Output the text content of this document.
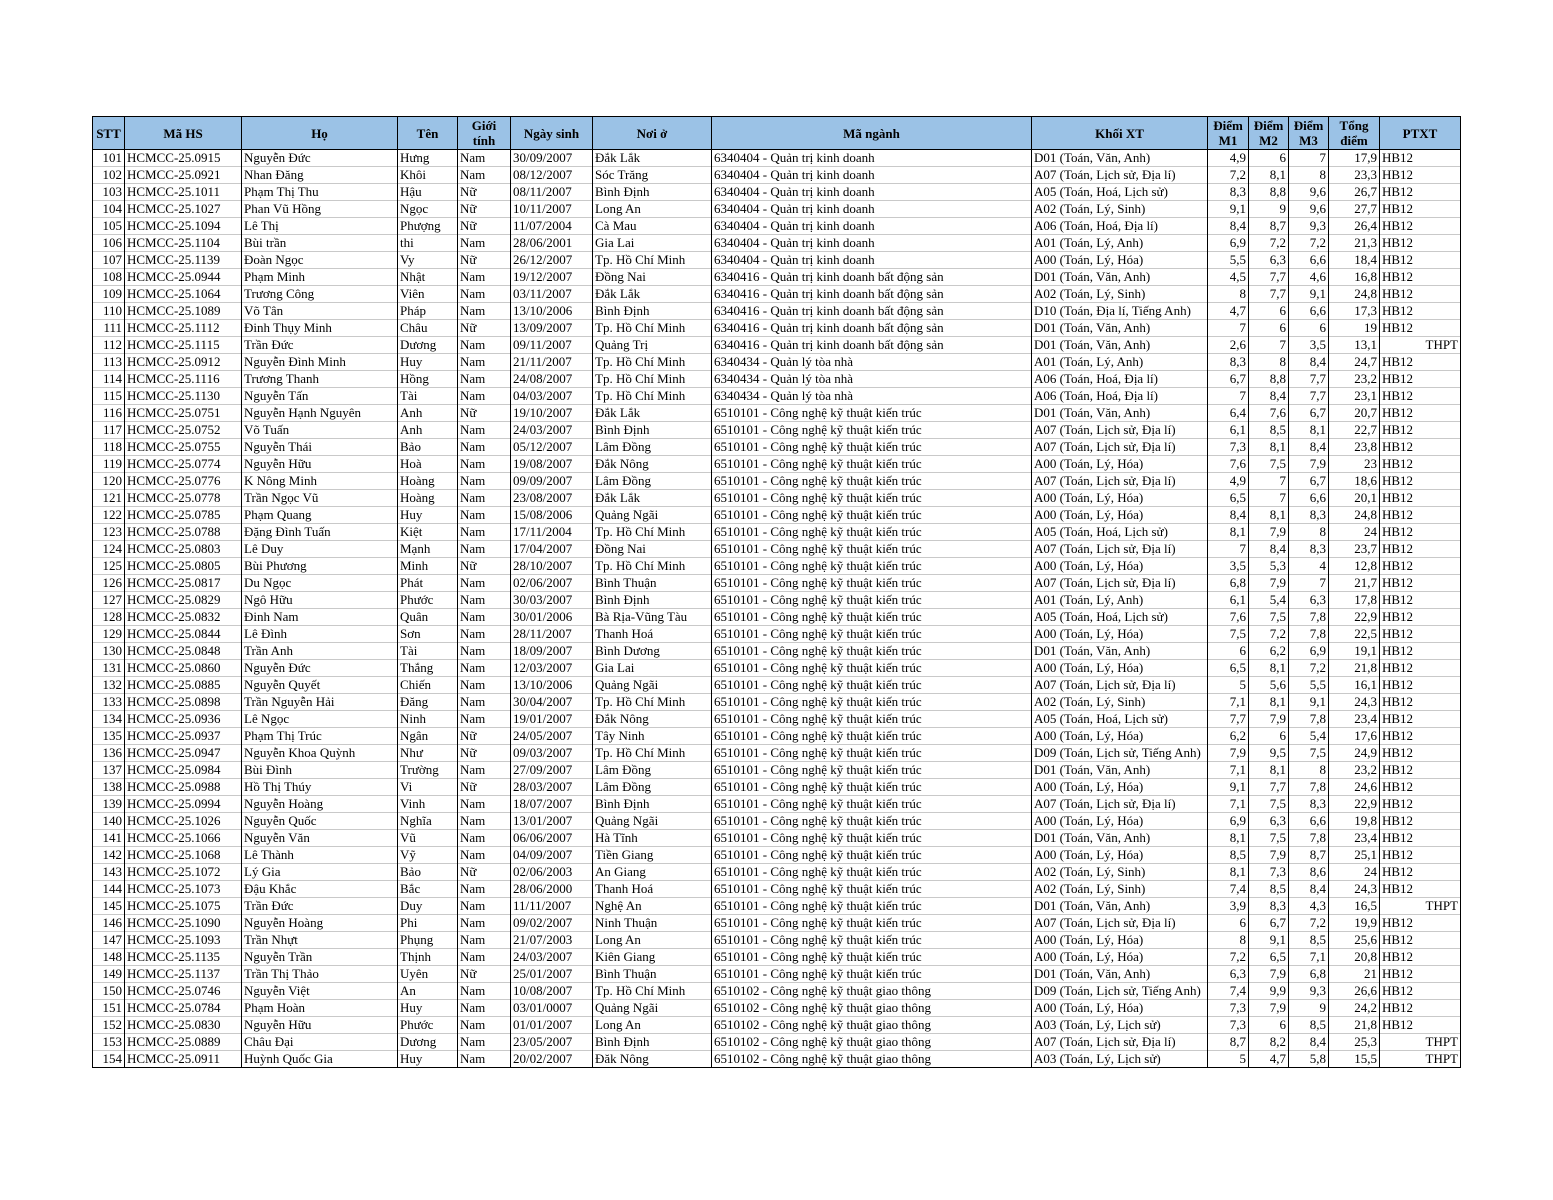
STT	Mã HS	Họ	Tên	Giới tính	Ngày sinh	Nơi ở	Mã ngành	Khối XT	Điểm M1	Điểm M2	Điểm M3	Tổng điểm	PTXT
101	HCMCC-25.0915	Nguyễn Đức	Hưng	Nam	30/09/2007	Đắk Lắk	6340404 - Quản trị kinh doanh	D01 (Toán, Văn, Anh)	4,9	6	7	17,9	HB12
102	HCMCC-25.0921	Nhan Đăng	Khôi	Nam	08/12/2007	Sóc Trăng	6340404 - Quản trị kinh doanh	A07 (Toán, Lịch sử, Địa lí)	7,2	8,1	8	23,3	HB12
103	HCMCC-25.1011	Phạm Thị Thu	Hậu	Nữ	08/11/2007	Bình Định	6340404 - Quản trị kinh doanh	A05 (Toán, Hoá, Lịch sử)	8,3	8,8	9,6	26,7	HB12
104	HCMCC-25.1027	Phan Vũ Hồng	Ngọc	Nữ	10/11/2007	Long An	6340404 - Quản trị kinh doanh	A02 (Toán, Lý, Sinh)	9,1	9	9,6	27,7	HB12
105	HCMCC-25.1094	Lê Thị	Phượng	Nữ	11/07/2004	Cà Mau	6340404 - Quản trị kinh doanh	A06 (Toán, Hoá, Địa lí)	8,4	8,7	9,3	26,4	HB12
106	HCMCC-25.1104	Bùi trần	thi	Nam	28/06/2001	Gia Lai	6340404 - Quản trị kinh doanh	A01 (Toán, Lý, Anh)	6,9	7,2	7,2	21,3	HB12
107	HCMCC-25.1139	Đoàn Ngọc	Vy	Nữ	26/12/2007	Tp. Hồ Chí Minh	6340404 - Quản trị kinh doanh	A00 (Toán, Lý, Hóa)	5,5	6,3	6,6	18,4	HB12
108	HCMCC-25.0944	Phạm Minh	Nhật	Nam	19/12/2007	Đồng Nai	6340416 - Quản trị kinh doanh bất động sản	D01 (Toán, Văn, Anh)	4,5	7,7	4,6	16,8	HB12
109	HCMCC-25.1064	Trương Công	Viên	Nam	03/11/2007	Đắk Lắk	6340416 - Quản trị kinh doanh bất động sản	A02 (Toán, Lý, Sinh)	8	7,7	9,1	24,8	HB12
110	HCMCC-25.1089	Võ Tân	Pháp	Nam	13/10/2006	Bình Định	6340416 - Quản trị kinh doanh bất động sản	D10 (Toán, Địa lí, Tiếng Anh)	4,7	6	6,6	17,3	HB12
111	HCMCC-25.1112	Đinh Thụy Minh	Châu	Nữ	13/09/2007	Tp. Hồ Chí Minh	6340416 - Quản trị kinh doanh bất động sản	D01 (Toán, Văn, Anh)	7	6	6	19	HB12
112	HCMCC-25.1115	Trần Đức	Dương	Nam	09/11/2007	Quảng Trị	6340416 - Quản trị kinh doanh bất động sản	D01 (Toán, Văn, Anh)	2,6	7	3,5	13,1	THPT
113	HCMCC-25.0912	Nguyễn Đình Minh	Huy	Nam	21/11/2007	Tp. Hồ Chí Minh	6340434 - Quản lý tòa nhà	A01 (Toán, Lý, Anh)	8,3	8	8,4	24,7	HB12
114	HCMCC-25.1116	Trương Thanh	Hồng	Nam	24/08/2007	Tp. Hồ Chí Minh	6340434 - Quản lý tòa nhà	A06 (Toán, Hoá, Địa lí)	6,7	8,8	7,7	23,2	HB12
115	HCMCC-25.1130	Nguyễn Tấn	Tài	Nam	04/03/2007	Tp. Hồ Chí Minh	6340434 - Quản lý tòa nhà	A06 (Toán, Hoá, Địa lí)	7	8,4	7,7	23,1	HB12
116	HCMCC-25.0751	Nguyễn Hạnh Nguyên	Anh	Nữ	19/10/2007	Đắk Lắk	6510101 - Công nghệ kỹ thuật kiến trúc	D01 (Toán, Văn, Anh)	6,4	7,6	6,7	20,7	HB12
117	HCMCC-25.0752	Võ Tuấn	Anh	Nam	24/03/2007	Bình Định	6510101 - Công nghệ kỹ thuật kiến trúc	A07 (Toán, Lịch sử, Địa lí)	6,1	8,5	8,1	22,7	HB12
118	HCMCC-25.0755	Nguyễn Thái	Bảo	Nam	05/12/2007	Lâm Đồng	6510101 - Công nghệ kỹ thuật kiến trúc	A07 (Toán, Lịch sử, Địa lí)	7,3	8,1	8,4	23,8	HB12
119	HCMCC-25.0774	Nguyễn Hữu	Hoà	Nam	19/08/2007	Đắk Nông	6510101 - Công nghệ kỹ thuật kiến trúc	A00 (Toán, Lý, Hóa)	7,6	7,5	7,9	23	HB12
120	HCMCC-25.0776	K Nông Minh	Hoàng	Nam	09/09/2007	Lâm Đồng	6510101 - Công nghệ kỹ thuật kiến trúc	A07 (Toán, Lịch sử, Địa lí)	4,9	7	6,7	18,6	HB12
121	HCMCC-25.0778	Trần Ngọc Vũ	Hoàng	Nam	23/08/2007	Đắk Lắk	6510101 - Công nghệ kỹ thuật kiến trúc	A00 (Toán, Lý, Hóa)	6,5	7	6,6	20,1	HB12
122	HCMCC-25.0785	Phạm Quang	Huy	Nam	15/08/2006	Quảng Ngãi	6510101 - Công nghệ kỹ thuật kiến trúc	A00 (Toán, Lý, Hóa)	8,4	8,1	8,3	24,8	HB12
123	HCMCC-25.0788	Đặng Đình Tuấn	Kiệt	Nam	17/11/2004	Tp. Hồ Chí Minh	6510101 - Công nghệ kỹ thuật kiến trúc	A05 (Toán, Hoá, Lịch sử)	8,1	7,9	8	24	HB12
124	HCMCC-25.0803	Lê Duy	Mạnh	Nam	17/04/2007	Đồng Nai	6510101 - Công nghệ kỹ thuật kiến trúc	A07 (Toán, Lịch sử, Địa lí)	7	8,4	8,3	23,7	HB12
125	HCMCC-25.0805	Bùi Phương	Minh	Nữ	28/10/2007	Tp. Hồ Chí Minh	6510101 - Công nghệ kỹ thuật kiến trúc	A00 (Toán, Lý, Hóa)	3,5	5,3	4	12,8	HB12
126	HCMCC-25.0817	Du Ngọc	Phát	Nam	02/06/2007	Bình Thuận	6510101 - Công nghệ kỹ thuật kiến trúc	A07 (Toán, Lịch sử, Địa lí)	6,8	7,9	7	21,7	HB12
127	HCMCC-25.0829	Ngô Hữu	Phước	Nam	30/03/2007	Bình Định	6510101 - Công nghệ kỹ thuật kiến trúc	A01 (Toán, Lý, Anh)	6,1	5,4	6,3	17,8	HB12
128	HCMCC-25.0832	Đinh Nam	Quân	Nam	30/01/2006	Bà Rịa-Vũng Tàu	6510101 - Công nghệ kỹ thuật kiến trúc	A05 (Toán, Hoá, Lịch sử)	7,6	7,5	7,8	22,9	HB12
129	HCMCC-25.0844	Lê Đình	Sơn	Nam	28/11/2007	Thanh Hoá	6510101 - Công nghệ kỹ thuật kiến trúc	A00 (Toán, Lý, Hóa)	7,5	7,2	7,8	22,5	HB12
130	HCMCC-25.0848	Trần Anh	Tài	Nam	18/09/2007	Bình Dương	6510101 - Công nghệ kỹ thuật kiến trúc	D01 (Toán, Văn, Anh)	6	6,2	6,9	19,1	HB12
131	HCMCC-25.0860	Nguyễn Đức	Thắng	Nam	12/03/2007	Gia Lai	6510101 - Công nghệ kỹ thuật kiến trúc	A00 (Toán, Lý, Hóa)	6,5	8,1	7,2	21,8	HB12
132	HCMCC-25.0885	Nguyễn Quyết	Chiến	Nam	13/10/2006	Quảng Ngãi	6510101 - Công nghệ kỹ thuật kiến trúc	A07 (Toán, Lịch sử, Địa lí)	5	5,6	5,5	16,1	HB12
133	HCMCC-25.0898	Trần Nguyễn Hải	Đăng	Nam	30/04/2007	Tp. Hồ Chí Minh	6510101 - Công nghệ kỹ thuật kiến trúc	A02 (Toán, Lý, Sinh)	7,1	8,1	9,1	24,3	HB12
134	HCMCC-25.0936	Lê Ngọc	Ninh	Nam	19/01/2007	Đắk Nông	6510101 - Công nghệ kỹ thuật kiến trúc	A05 (Toán, Hoá, Lịch sử)	7,7	7,9	7,8	23,4	HB12
135	HCMCC-25.0937	Phạm Thị Trúc	Ngân	Nữ	24/05/2007	Tây Ninh	6510101 - Công nghệ kỹ thuật kiến trúc	A00 (Toán, Lý, Hóa)	6,2	6	5,4	17,6	HB12
136	HCMCC-25.0947	Nguyễn Khoa Quỳnh	Như	Nữ	09/03/2007	Tp. Hồ Chí Minh	6510101 - Công nghệ kỹ thuật kiến trúc	D09 (Toán, Lịch sử, Tiếng Anh)	7,9	9,5	7,5	24,9	HB12
137	HCMCC-25.0984	Bùi Đình	Trường	Nam	27/09/2007	Lâm Đồng	6510101 - Công nghệ kỹ thuật kiến trúc	D01 (Toán, Văn, Anh)	7,1	8,1	8	23,2	HB12
138	HCMCC-25.0988	Hồ Thị Thúy	Vi	Nữ	28/03/2007	Lâm Đồng	6510101 - Công nghệ kỹ thuật kiến trúc	A00 (Toán, Lý, Hóa)	9,1	7,7	7,8	24,6	HB12
139	HCMCC-25.0994	Nguyễn Hoàng	Vinh	Nam	18/07/2007	Bình Định	6510101 - Công nghệ kỹ thuật kiến trúc	A07 (Toán, Lịch sử, Địa lí)	7,1	7,5	8,3	22,9	HB12
140	HCMCC-25.1026	Nguyễn Quốc	Nghĩa	Nam	13/01/2007	Quảng Ngãi	6510101 - Công nghệ kỹ thuật kiến trúc	A00 (Toán, Lý, Hóa)	6,9	6,3	6,6	19,8	HB12
141	HCMCC-25.1066	Nguyễn Văn	Vũ	Nam	06/06/2007	Hà Tĩnh	6510101 - Công nghệ kỹ thuật kiến trúc	D01 (Toán, Văn, Anh)	8,1	7,5	7,8	23,4	HB12
142	HCMCC-25.1068	Lê Thành	Vỹ	Nam	04/09/2007	Tiền Giang	6510101 - Công nghệ kỹ thuật kiến trúc	A00 (Toán, Lý, Hóa)	8,5	7,9	8,7	25,1	HB12
143	HCMCC-25.1072	Lý Gia	Bảo	Nữ	02/06/2003	An Giang	6510101 - Công nghệ kỹ thuật kiến trúc	A02 (Toán, Lý, Sinh)	8,1	7,3	8,6	24	HB12
144	HCMCC-25.1073	Đậu Khắc	Bắc	Nam	28/06/2000	Thanh Hoá	6510101 - Công nghệ kỹ thuật kiến trúc	A02 (Toán, Lý, Sinh)	7,4	8,5	8,4	24,3	HB12
145	HCMCC-25.1075	Trần Đức	Duy	Nam	11/11/2007	Nghệ An	6510101 - Công nghệ kỹ thuật kiến trúc	D01 (Toán, Văn, Anh)	3,9	8,3	4,3	16,5	THPT
146	HCMCC-25.1090	Nguyễn Hoàng	Phi	Nam	09/02/2007	Ninh Thuận	6510101 - Công nghệ kỹ thuật kiến trúc	A07 (Toán, Lịch sử, Địa lí)	6	6,7	7,2	19,9	HB12
147	HCMCC-25.1093	Trần Nhựt	Phụng	Nam	21/07/2003	Long An	6510101 - Công nghệ kỹ thuật kiến trúc	A00 (Toán, Lý, Hóa)	8	9,1	8,5	25,6	HB12
148	HCMCC-25.1135	Nguyễn Trần	Thịnh	Nam	24/03/2007	Kiên Giang	6510101 - Công nghệ kỹ thuật kiến trúc	A00 (Toán, Lý, Hóa)	7,2	6,5	7,1	20,8	HB12
149	HCMCC-25.1137	Trần Thị Thảo	Uyên	Nữ	25/01/2007	Bình Thuận	6510101 - Công nghệ kỹ thuật kiến trúc	D01 (Toán, Văn, Anh)	6,3	7,9	6,8	21	HB12
150	HCMCC-25.0746	Nguyễn Việt	An	Nam	10/08/2007	Tp. Hồ Chí Minh	6510102 - Công nghệ kỹ thuật giao thông	D09 (Toán, Lịch sử, Tiếng Anh)	7,4	9,9	9,3	26,6	HB12
151	HCMCC-25.0784	Phạm Hoàn	Huy	Nam	03/01/0007	Quảng Ngãi	6510102 - Công nghệ kỹ thuật giao thông	A00 (Toán, Lý, Hóa)	7,3	7,9	9	24,2	HB12
152	HCMCC-25.0830	Nguyễn Hữu	Phước	Nam	01/01/2007	Long An	6510102 - Công nghệ kỹ thuật giao thông	A03 (Toán, Lý, Lịch sử)	7,3	6	8,5	21,8	HB12
153	HCMCC-25.0889	Châu Đại	Dương	Nam	23/05/2007	Bình Định	6510102 - Công nghệ kỹ thuật giao thông	A07 (Toán, Lịch sử, Địa lí)	8,7	8,2	8,4	25,3	THPT
154	HCMCC-25.0911	Huỳnh Quốc Gia	Huy	Nam	20/02/2007	Đăk Nông	6510102 - Công nghệ kỹ thuật giao thông	A03 (Toán, Lý, Lịch sử)	5	4,7	5,8	15,5	THPT
